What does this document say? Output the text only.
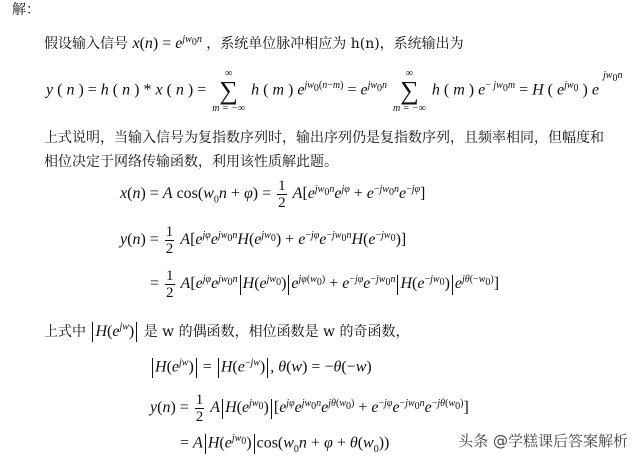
解：
假设输入信号 $x(n) = e^{jw0n}$ ，系统单位脉冲相应为 h(n)，系统输出为
y ( n ) = h ( n ) * x ( n ) =
∞
∑
m = −∞
h ( m ) $e^{jw0(n-m)} = e^{jw0n}$
∞
∑
m = −∞
h ( m ) $e^{- jw0m} = H$ ( $e^{jw0}$ ) e $^{jw0n}$
上式说明，当输入信号为复指数序列时，输出序列仍是复指数序列，且频率相同，但幅度和
相位决定于网络传输函数，利用该性质解此题。
x(n) = A $\cos(w_0n + \varphi) = \frac{1}{2} A[e^{jw0n}e^{j\varphi} + e^{-jw0n}e^{-j\varphi}]$
$y(n) = \frac{1}{2} A[e^{j\varphi}e^{jw0n}H(e^{jw0}) + e^{-j\varphi}e^{-jw0n}H(e^{-jw0})]$
= $\frac{1}{2} A[e^{j\varphi}e^{jw0n}$ $H(e^{jw0}) e^{j\varphi(w0)} + e^{-j\varphi}e^{-jw0n}$ $H(e^{-jw0})$ $e^{j\theta(-w0)}$]
上式中 $H(e^{jw})$ 是 w 的偶函数，相位函数是 w 的奇函数，
$H(e^{jw}) = H(e^{-jw})$ , θ(w) = −θ(−w)
$y(n) = \frac{1}{2}$ A $H(e^{jw0}) [e^{j\varphi}e^{jw0n}e^{j\theta(w0)} + e^{-j\varphi}e^{-jw0n}e^{-j\theta(w0)}]$
= A $H(e^{jw0}) \cos(w_0n + \varphi + \theta(w_0))$	头条 @学糕课后答案解析
